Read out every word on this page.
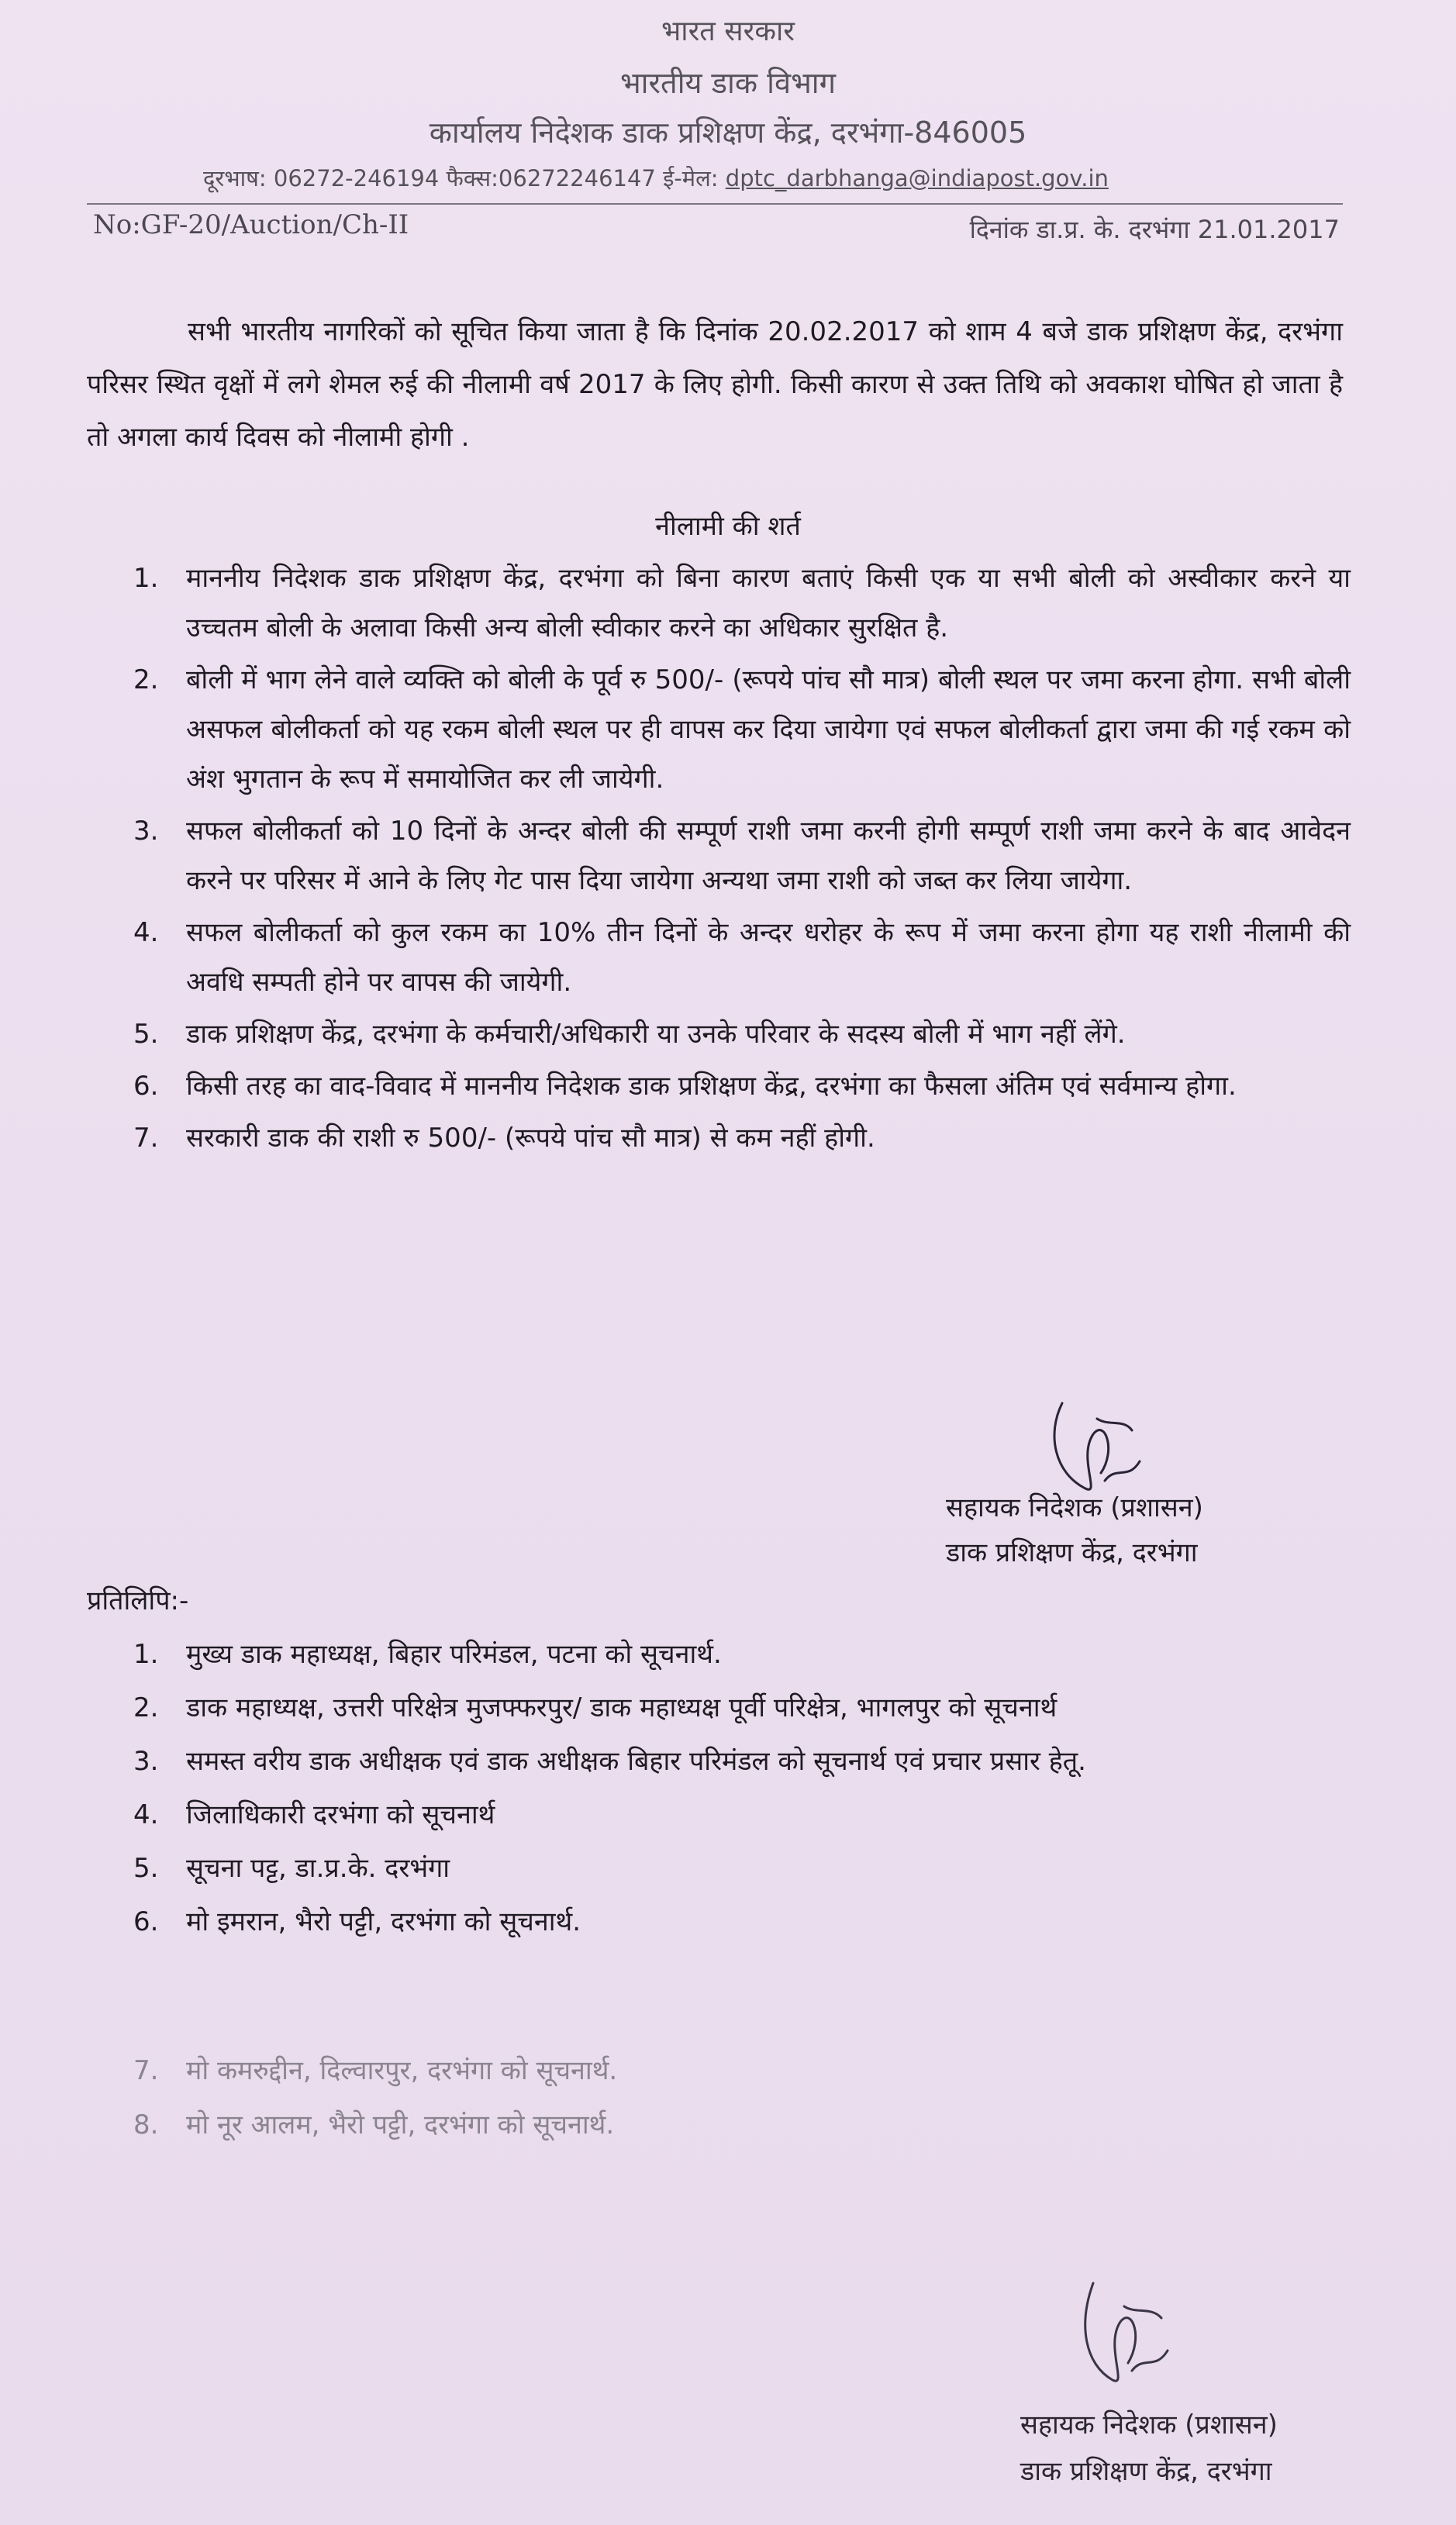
भारत सरकार
भारतीय डाक विभाग
कार्यालय निदेशक डाक प्रशिक्षण केंद्र, दरभंगा-846005
दूरभाष: 06272-246194 फैक्स:06272246147 ई-मेल: dptc_darbhanga@indiapost.gov.in
No:GF-20/Auction/Ch-II	दिनांक डा.प्र. के. दरभंगा 21.01.2017
सभी भारतीय नागरिकों को सूचित किया जाता है कि दिनांक 20.02.2017 को शाम 4 बजे डाक प्रशिक्षण केंद्र, दरभंगा परिसर स्थित वृक्षों में लगे शेमल रुई की नीलामी वर्ष 2017 के लिए होगी. किसी कारण से उक्त तिथि को अवकाश घोषित हो जाता है तो अगला कार्य दिवस को नीलामी होगी .
नीलामी की शर्त
1.	माननीय निदेशक डाक प्रशिक्षण केंद्र, दरभंगा को बिना कारण बताएं किसी एक या सभी बोली को अस्वीकार करने या उच्चतम बोली के अलावा किसी अन्य बोली स्वीकार करने का अधिकार सुरक्षित है.
2.	बोली में भाग लेने वाले व्यक्ति को बोली के पूर्व रु 500/- (रूपये पांच सौ मात्र) बोली स्थल पर जमा करना होगा. सभी बोली असफल बोलीकर्ता को यह रकम बोली स्थल पर ही वापस कर दिया जायेगा एवं सफल बोलीकर्ता द्वारा जमा की गई रकम को अंश भुगतान के रूप में समायोजित कर ली जायेगी.
3.	सफल बोलीकर्ता को 10 दिनों के अन्दर बोली की सम्पूर्ण राशी जमा करनी होगी सम्पूर्ण राशी जमा करने के बाद आवेदन करने पर परिसर में आने के लिए गेट पास दिया जायेगा अन्यथा जमा राशी को जब्त कर लिया जायेगा.
4.	सफल बोलीकर्ता को कुल रकम का 10% तीन दिनों के अन्दर धरोहर के रूप में जमा करना होगा यह राशी नीलामी की अवधि सम्पती होने पर वापस की जायेगी.
5.	डाक प्रशिक्षण केंद्र, दरभंगा के कर्मचारी/अधिकारी या उनके परिवार के सदस्य बोली में भाग नहीं लेंगे.
6.	किसी तरह का वाद-विवाद में माननीय निदेशक डाक प्रशिक्षण केंद्र, दरभंगा का फैसला अंतिम एवं सर्वमान्य होगा.
7.	सरकारी डाक की राशी रु 500/- (रूपये पांच सौ मात्र) से कम नहीं होगी.
सहायक निदेशक (प्रशासन)
डाक प्रशिक्षण केंद्र, दरभंगा
प्रतिलिपि:-
1.	मुख्य डाक महाध्यक्ष, बिहार परिमंडल, पटना को सूचनार्थ.
2.	डाक महाध्यक्ष, उत्तरी परिक्षेत्र मुजफ्फरपुर/ डाक महाध्यक्ष पूर्वी परिक्षेत्र, भागलपुर को सूचनार्थ
3.	समस्त वरीय डाक अधीक्षक एवं डाक अधीक्षक बिहार परिमंडल को सूचनार्थ एवं प्रचार प्रसार हेतू.
4.	जिलाधिकारी दरभंगा को सूचनार्थ
5.	सूचना पट्ट, डा.प्र.के. दरभंगा
6.	मो इमरान, भैरो पट्टी, दरभंगा को सूचनार्थ.
7.	मो कमरुद्दीन, दिल्वारपुर, दरभंगा को सूचनार्थ.
8.	मो नूर आलम, भैरो पट्टी, दरभंगा को सूचनार्थ.
सहायक निदेशक (प्रशासन)
डाक प्रशिक्षण केंद्र, दरभंगा
